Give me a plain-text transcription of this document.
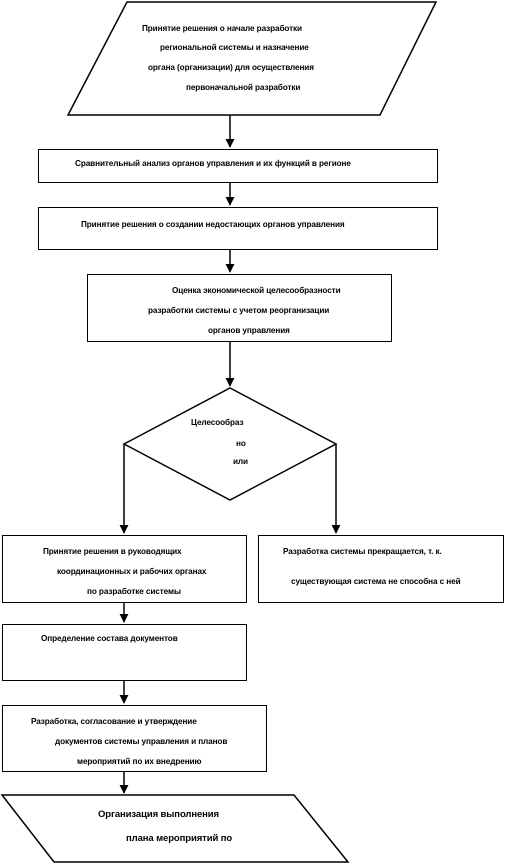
Принятие решения о начале разработки
региональной системы и назначение
органа (организации) для осуществления
первоначальной разработки
Сравнительный анализ органов управления и их функций в регионе
Принятие решения о создании недостающих органов управления
Оценка экономической целесообразности
разработки системы с учетом реорганизации
органов управления
Целесообраз
но
или
Принятие решения в руководящих
координационных и рабочих органах
по разработке системы
Разработка системы прекращается, т. к.
существующая система не способна с ней
Определение состава документов
Разработка, согласование и утверждение
документов системы управления и планов
мероприятий по их внедрению
Организация выполнения
плана мероприятий по
